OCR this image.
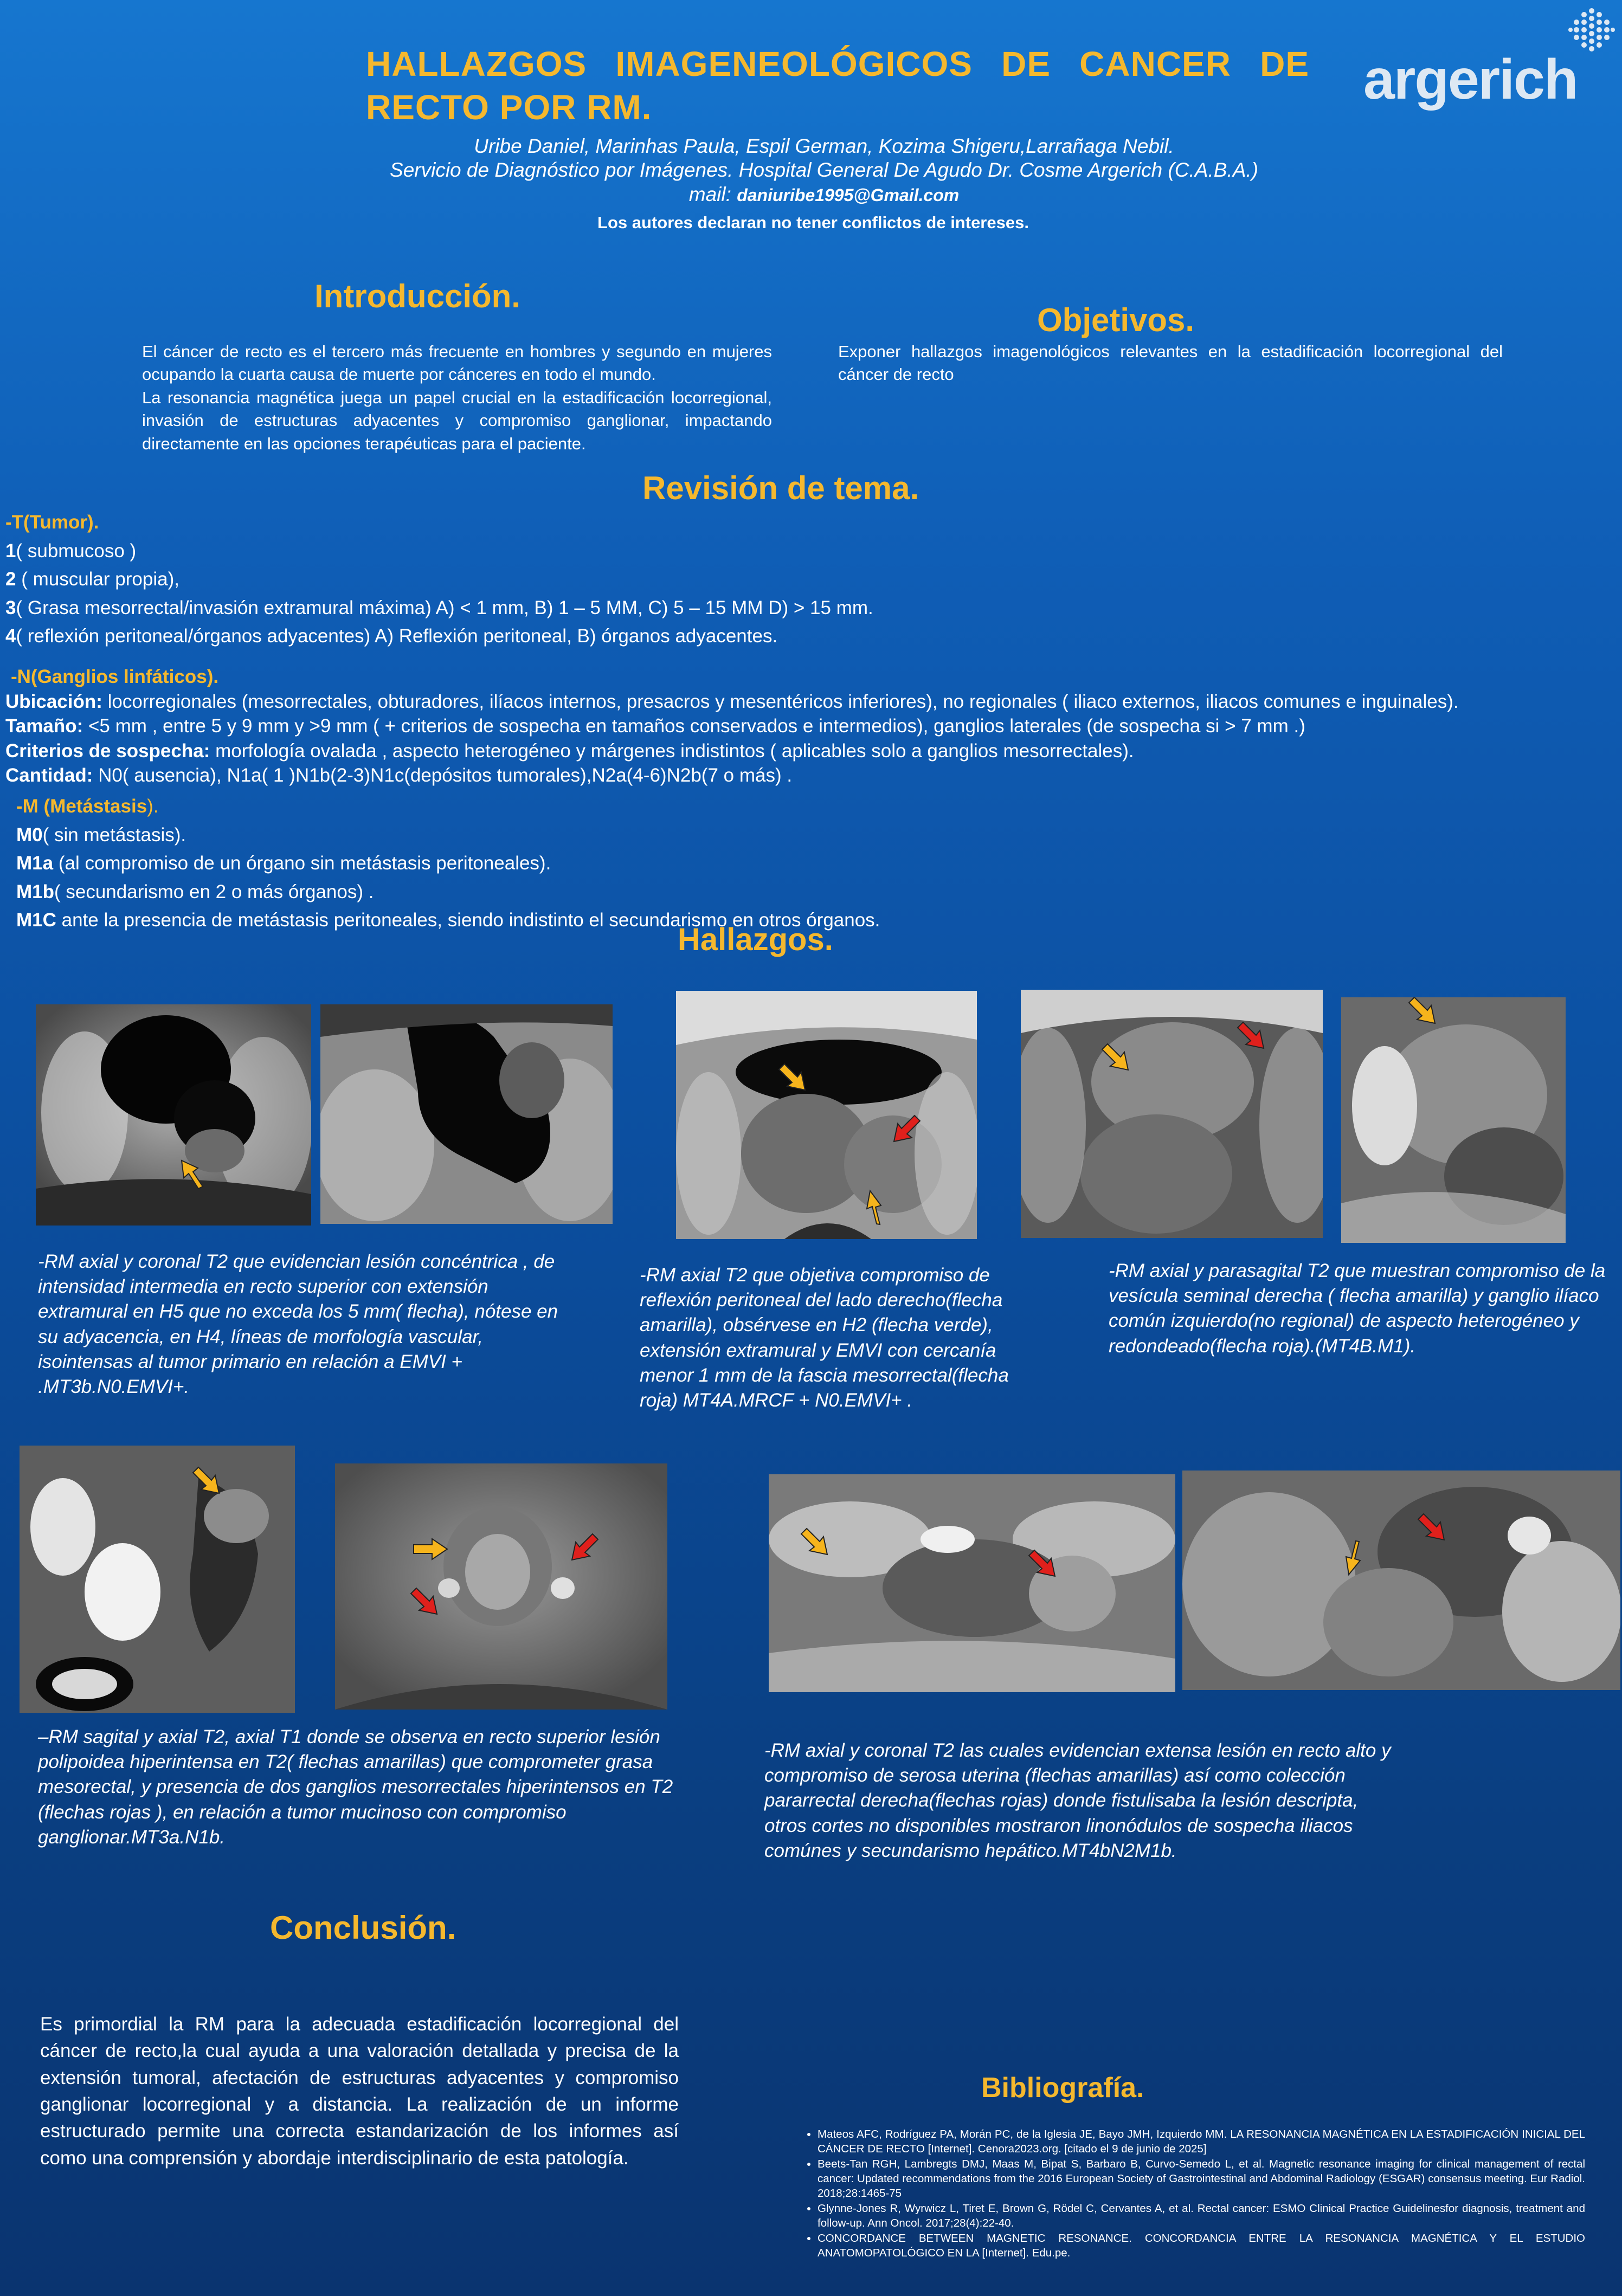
HALLAZGOS IMAGENEOLÓGICOS DE CANCER DE RECTO POR RM.
Uribe Daniel, Marinhas Paula, Espil German, Kozima Shigeru,Larrañaga Nebil.
Servicio de Diagnóstico por Imágenes. Hospital General De Agudo Dr. Cosme Argerich (C.A.B.A.)
mail: daniuribe1995@Gmail.com
Los autores declaran no tener conflictos de intereses.
argerich
Introducción.
El cáncer de recto es el tercero más frecuente en hombres y segundo en mujeres ocupando la cuarta causa de muerte por cánceres en todo el mundo.
La resonancia magnética juega un papel crucial en la estadificación locorregional, invasión de estructuras adyacentes y compromiso ganglionar, impactando directamente en las opciones terapéuticas para el paciente.
Objetivos.
Exponer hallazgos imagenológicos relevantes en la estadificación locorregional del cáncer de recto
Revisión de tema.
-T(Tumor).
1( submucoso )
2 ( muscular propia),
3( Grasa mesorrectal/invasión extramural máxima) A) < 1 mm, B) 1 – 5 MM, C) 5 – 15 MM D) > 15 mm.
4( reflexión peritoneal/órganos adyacentes) A) Reflexión peritoneal, B) órganos adyacentes.
-N(Ganglios linfáticos).
Ubicación: locorregionales (mesorrectales, obturadores, ilíacos internos, presacros y mesentéricos inferiores), no regionales ( iliaco externos, iliacos comunes e inguinales).
Tamaño: <5 mm , entre 5 y 9 mm y >9 mm ( + criterios de sospecha en tamaños conservados e intermedios), ganglios laterales (de sospecha si > 7 mm .)
Criterios de sospecha: morfología ovalada , aspecto heterogéneo y márgenes indistintos ( aplicables solo a ganglios mesorrectales).
Cantidad: N0( ausencia), N1a( 1 )N1b(2-3)N1c(depósitos tumorales),N2a(4-6)N2b(7 o más) .
-M (Metástasis).
M0( sin metástasis).
M1a (al compromiso de un órgano sin metástasis peritoneales).
M1b( secundarismo en 2 o más órganos) .
M1C ante la presencia de metástasis peritoneales, siendo indistinto el secundarismo en otros órganos.
Hallazgos.
-RM axial y coronal T2 que evidencian lesión concéntrica , de intensidad intermedia en recto superior con extensión extramural en H5 que no exceda los 5 mm( flecha), nótese en su adyacencia, en H4, líneas de morfología vascular, isointensas al tumor primario en relación a EMVI + .MT3b.N0.EMVI+.
-RM axial T2 que objetiva compromiso de reflexión peritoneal del lado derecho(flecha amarilla), obsérvese en H2 (flecha verde), extensión extramural y EMVI con cercanía menor 1 mm de la fascia mesorrectal(flecha roja) MT4A.MRCF + N0.EMVI+ .
-RM axial y parasagital T2 que muestran compromiso de la vesícula seminal derecha ( flecha amarilla) y ganglio ilíaco común izquierdo(no regional) de aspecto heterogéneo y redondeado(flecha roja).(MT4B.M1).
–RM sagital y axial T2, axial T1 donde se observa en recto superior lesión polipoidea hiperintensa en T2( flechas amarillas) que comprometer grasa mesorectal, y presencia de dos ganglios mesorrectales hiperintensos en T2 (flechas rojas ), en relación a tumor mucinoso con compromiso ganglionar.MT3a.N1b.
-RM axial y coronal T2 las cuales evidencian extensa lesión en recto alto y compromiso de serosa uterina (flechas amarillas) así como colección pararrectal derecha(flechas rojas) donde fistulisaba la lesión descripta, otros cortes no disponibles mostraron linonódulos de sospecha iliacos comúnes y secundarismo hepático.MT4bN2M1b.
Conclusión.
Es primordial la RM para la adecuada estadificación locorregional del cáncer de recto,la cual ayuda a una valoración detallada y precisa de la extensión tumoral, afectación de estructuras adyacentes y compromiso ganglionar locorregional y a distancia. La realización de un informe estructurado permite una correcta estandarización de los informes así como una comprensión y abordaje interdisciplinario de esta patología.
Bibliografía.
• Mateos AFC, Rodríguez PA, Morán PC, de la Iglesia JE, Bayo JMH, Izquierdo MM. LA RESONANCIA MAGNÉTICA EN LA ESTADIFICACIÓN INICIAL DEL CÁNCER DE RECTO [Internet]. Cenora2023.org. [citado el 9 de junio de 2025]
• Beets-Tan RGH, Lambregts DMJ, Maas M, Bipat S, Barbaro B, Curvo-Semedo L, et al. Magnetic resonance imaging for clinical management of rectal cancer: Updated recommendations from the 2016 European Society of Gastrointestinal and Abdominal Radiology (ESGAR) consensus meeting. Eur Radiol. 2018;28:1465-75
• Glynne-Jones R, Wyrwicz L, Tiret E, Brown G, Rödel C, Cervantes A, et al. Rectal cancer: ESMO Clinical Practice Guidelinesfor diagnosis, treatment and follow-up. Ann Oncol. 2017;28(4):22-40.
• CONCORDANCE BETWEEN MAGNETIC RESONANCE. CONCORDANCIA ENTRE LA RESONANCIA MAGNÉTICA Y EL ESTUDIO ANATOMOPATOLÓGICO EN LA [Internet]. Edu.pe.
